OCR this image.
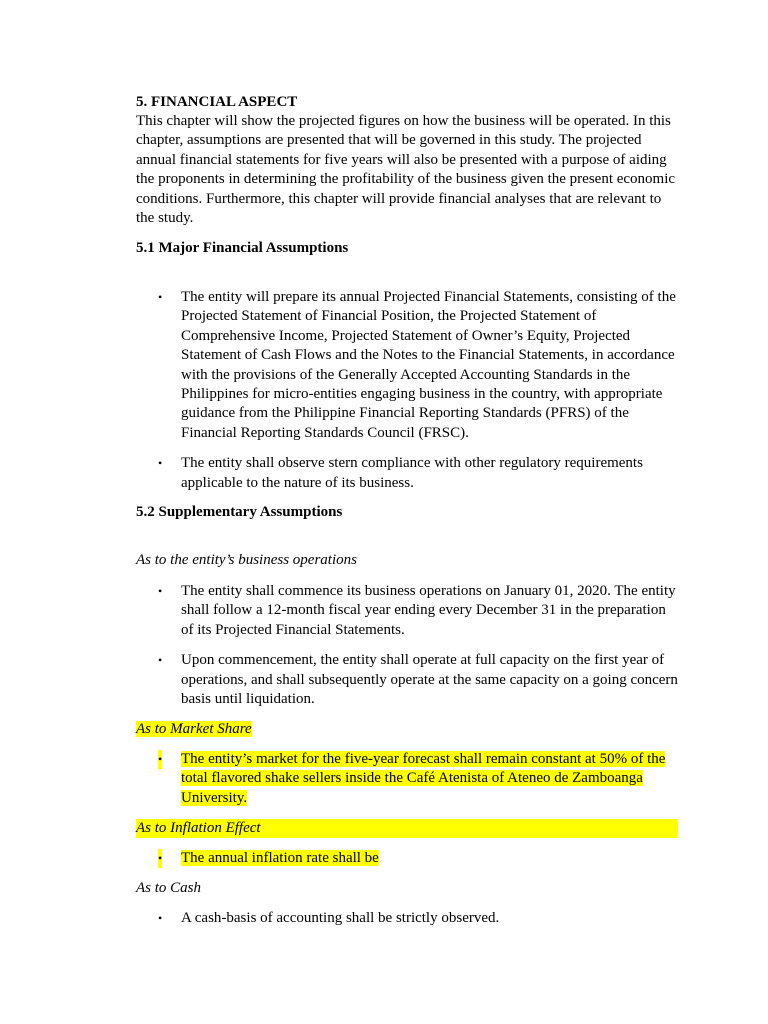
5. FINANCIAL ASPECT

This chapter will show the projected figures on how the business will be operated. In this chapter, assumptions are presented that will be governed in this study. The projected annual financial statements for five years will also be presented with a purpose of aiding the proponents in determining the profitability of the business given the present economic conditions. Furthermore, this chapter will provide financial analyses that are relevant to the study.

5.1 Major Financial Assumptions

• The entity will prepare its annual Projected Financial Statements, consisting of the Projected Statement of Financial Position, the Projected Statement of Comprehensive Income, Projected Statement of Owner’s Equity, Projected Statement of Cash Flows and the Notes to the Financial Statements, in accordance with the provisions of the Generally Accepted Accounting Standards in the Philippines for micro-entities engaging business in the country, with appropriate guidance from the Philippine Financial Reporting Standards (PFRS) of the Financial Reporting Standards Council (FRSC).
• The entity shall observe stern compliance with other regulatory requirements applicable to the nature of its business.

5.2 Supplementary Assumptions

As to the entity’s business operations

• The entity shall commence its business operations on January 01, 2020. The entity shall follow a 12-month fiscal year ending every December 31 in the preparation of its Projected Financial Statements.
• Upon commencement, the entity shall operate at full capacity on the first year of operations, and shall subsequently operate at the same capacity on a going concern basis until liquidation.

As to Market Share

• The entity’s market for the five-year forecast shall remain constant at 50% of the total flavored shake sellers inside the Café Atenista of Ateneo de Zamboanga University.

As to Inflation Effect

• The annual inflation rate shall be

As to Cash

• A cash-basis of accounting shall be strictly observed.
